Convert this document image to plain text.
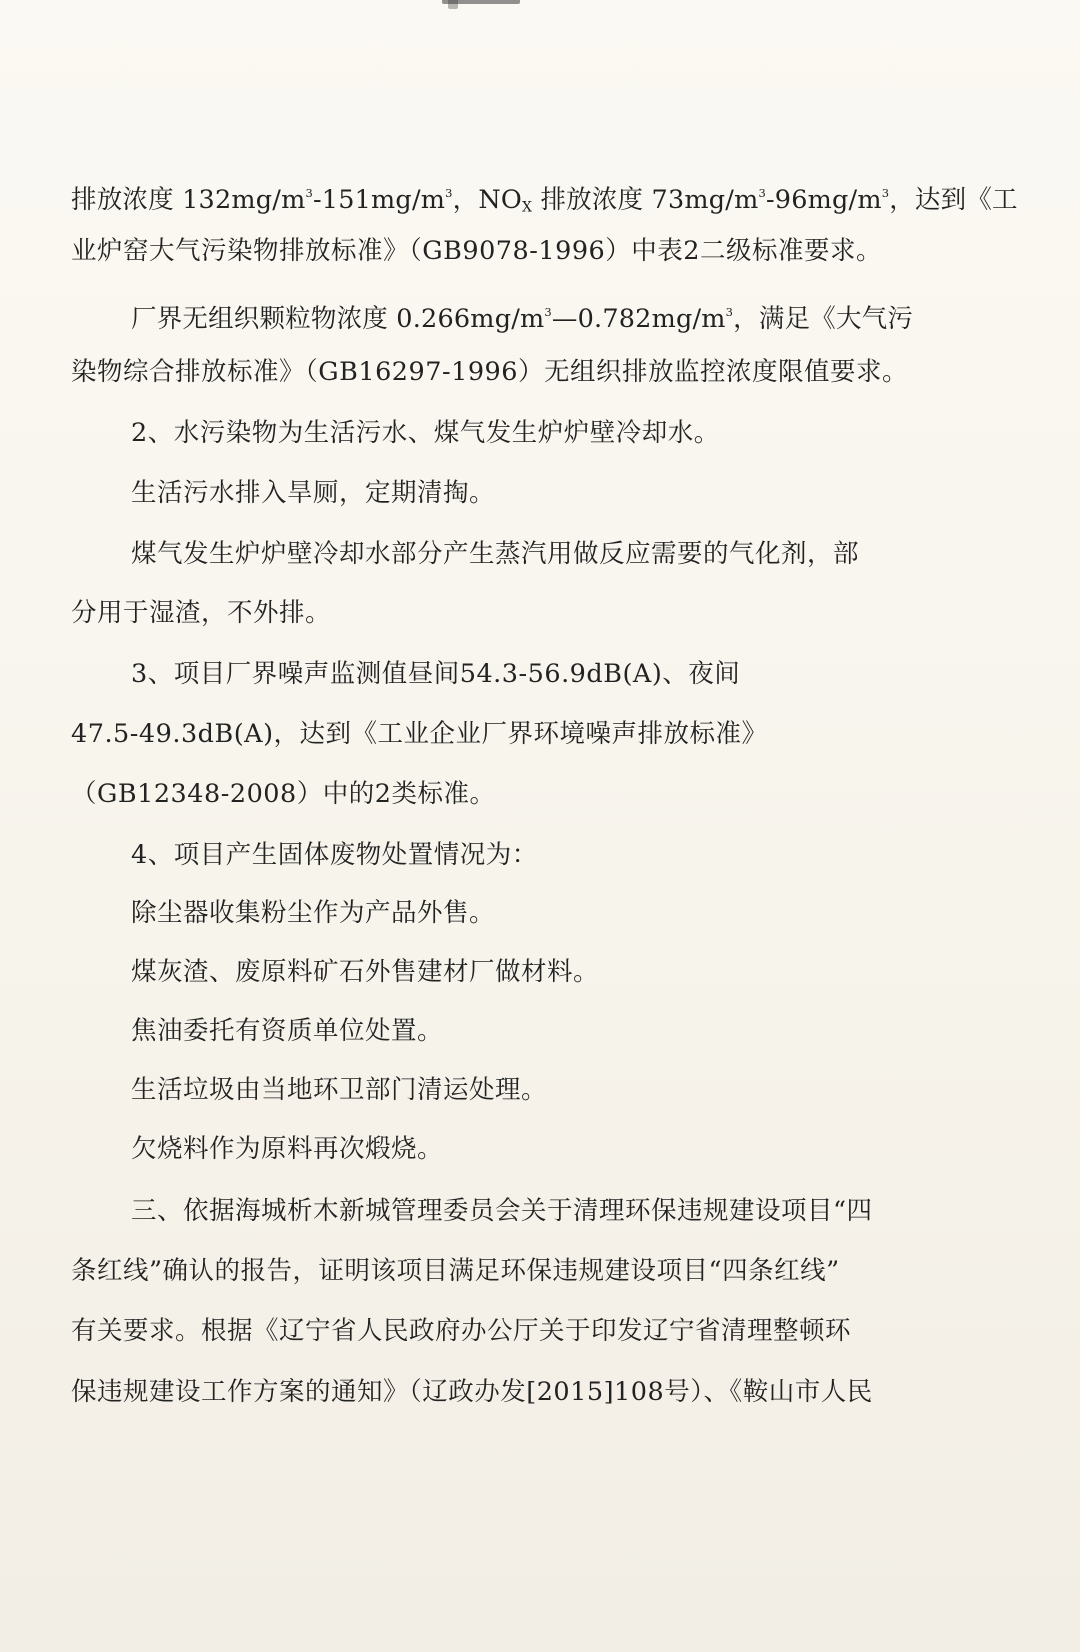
排放浓度 $132mg/m^3-151mg/m^3$，$NO_X$ 排放浓度 $73mg/m^3-96mg/m^3$，达到《工
业炉窑大气污染物排放标准》（GB9078-1996）中表2二级标准要求。
厂界无组织颗粒物浓度 $0.266mg/m^3—0.782mg/m^3$，满足《大气污
染物综合排放标准》（GB16297-1996）无组织排放监控浓度限值要求。
2、水污染物为生活污水、煤气发生炉炉壁冷却水。
生活污水排入旱厕，定期清掏。
煤气发生炉炉壁冷却水部分产生蒸汽用做反应需要的气化剂，部
分用于湿渣，不外排。
3、项目厂界噪声监测值昼间54.3-56.9dB(A)、夜间
47.5-49.3dB(A)，达到《工业企业厂界环境噪声排放标准》
（GB12348-2008）中的2类标准。
4、项目产生固体废物处置情况为：
除尘器收集粉尘作为产品外售。
煤灰渣、废原料矿石外售建材厂做材料。
焦油委托有资质单位处置。
生活垃圾由当地环卫部门清运处理。
欠烧料作为原料再次煅烧。
三、依据海城析木新城管理委员会关于清理环保违规建设项目“四
条红线”确认的报告，证明该项目满足环保违规建设项目“四条红线”
有关要求。根据《辽宁省人民政府办公厅关于印发辽宁省清理整顿环
保违规建设工作方案的通知》（辽政办发[2015]108号）、《鞍山市人民
